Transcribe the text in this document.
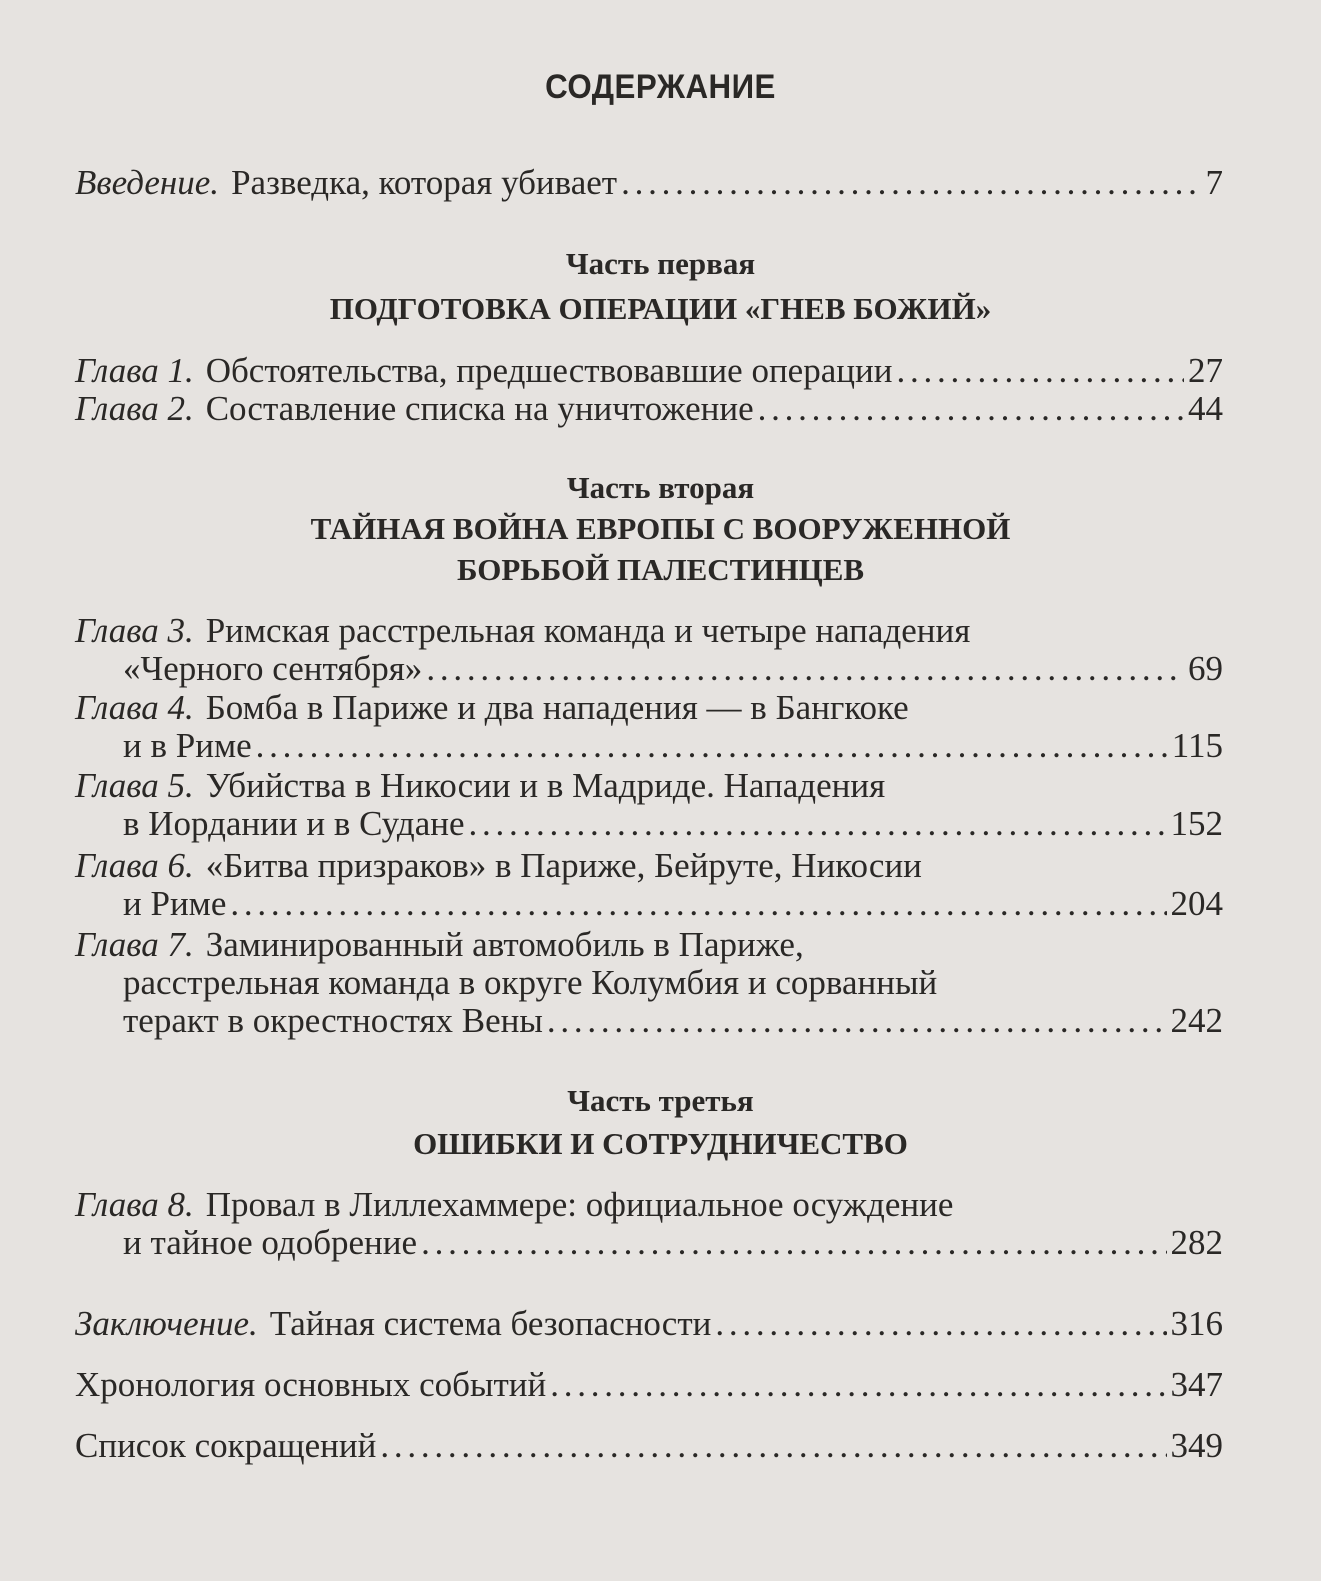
СОДЕРЖАНИЕ
Введение. Разведка, которая убивает . . .	7
Часть первая
ПОДГОТОВКА ОПЕРАЦИИ «ГНЕВ БОЖИЙ»
Глава 1. Обстоятельства, предшествовавшие операции . . .	27
Глава 2. Составление списка на уничтожение . . .	44
Часть вторая
ТАЙНАЯ ВОЙНА ЕВРОПЫ С ВООРУЖЕННОЙ
БОРЬБОЙ ПАЛЕСТИНЦЕВ
Глава 3. Римская расстрельная команда и четыре нападения
«Черного сентября» . . .	69
Глава 4. Бомба в Париже и два нападения — в Бангкоке
и в Риме . . .	115
Глава 5. Убийства в Никосии и в Мадриде. Нападения
в Иордании и в Судане . . .	152
Глава 6. «Битва призраков» в Париже, Бейруте, Никосии
и Риме . . .	204
Глава 7. Заминированный автомобиль в Париже,
расстрельная команда в округе Колумбия и сорванный
теракт в окрестностях Вены . . .	242
Часть третья
ОШИБКИ И СОТРУДНИЧЕСТВО
Глава 8. Провал в Лиллехаммере: официальное осуждение
и тайное одобрение . . .	282
Заключение. Тайная система безопасности . . .	316
Хронология основных событий . . .	347
Список сокращений . . .	349
